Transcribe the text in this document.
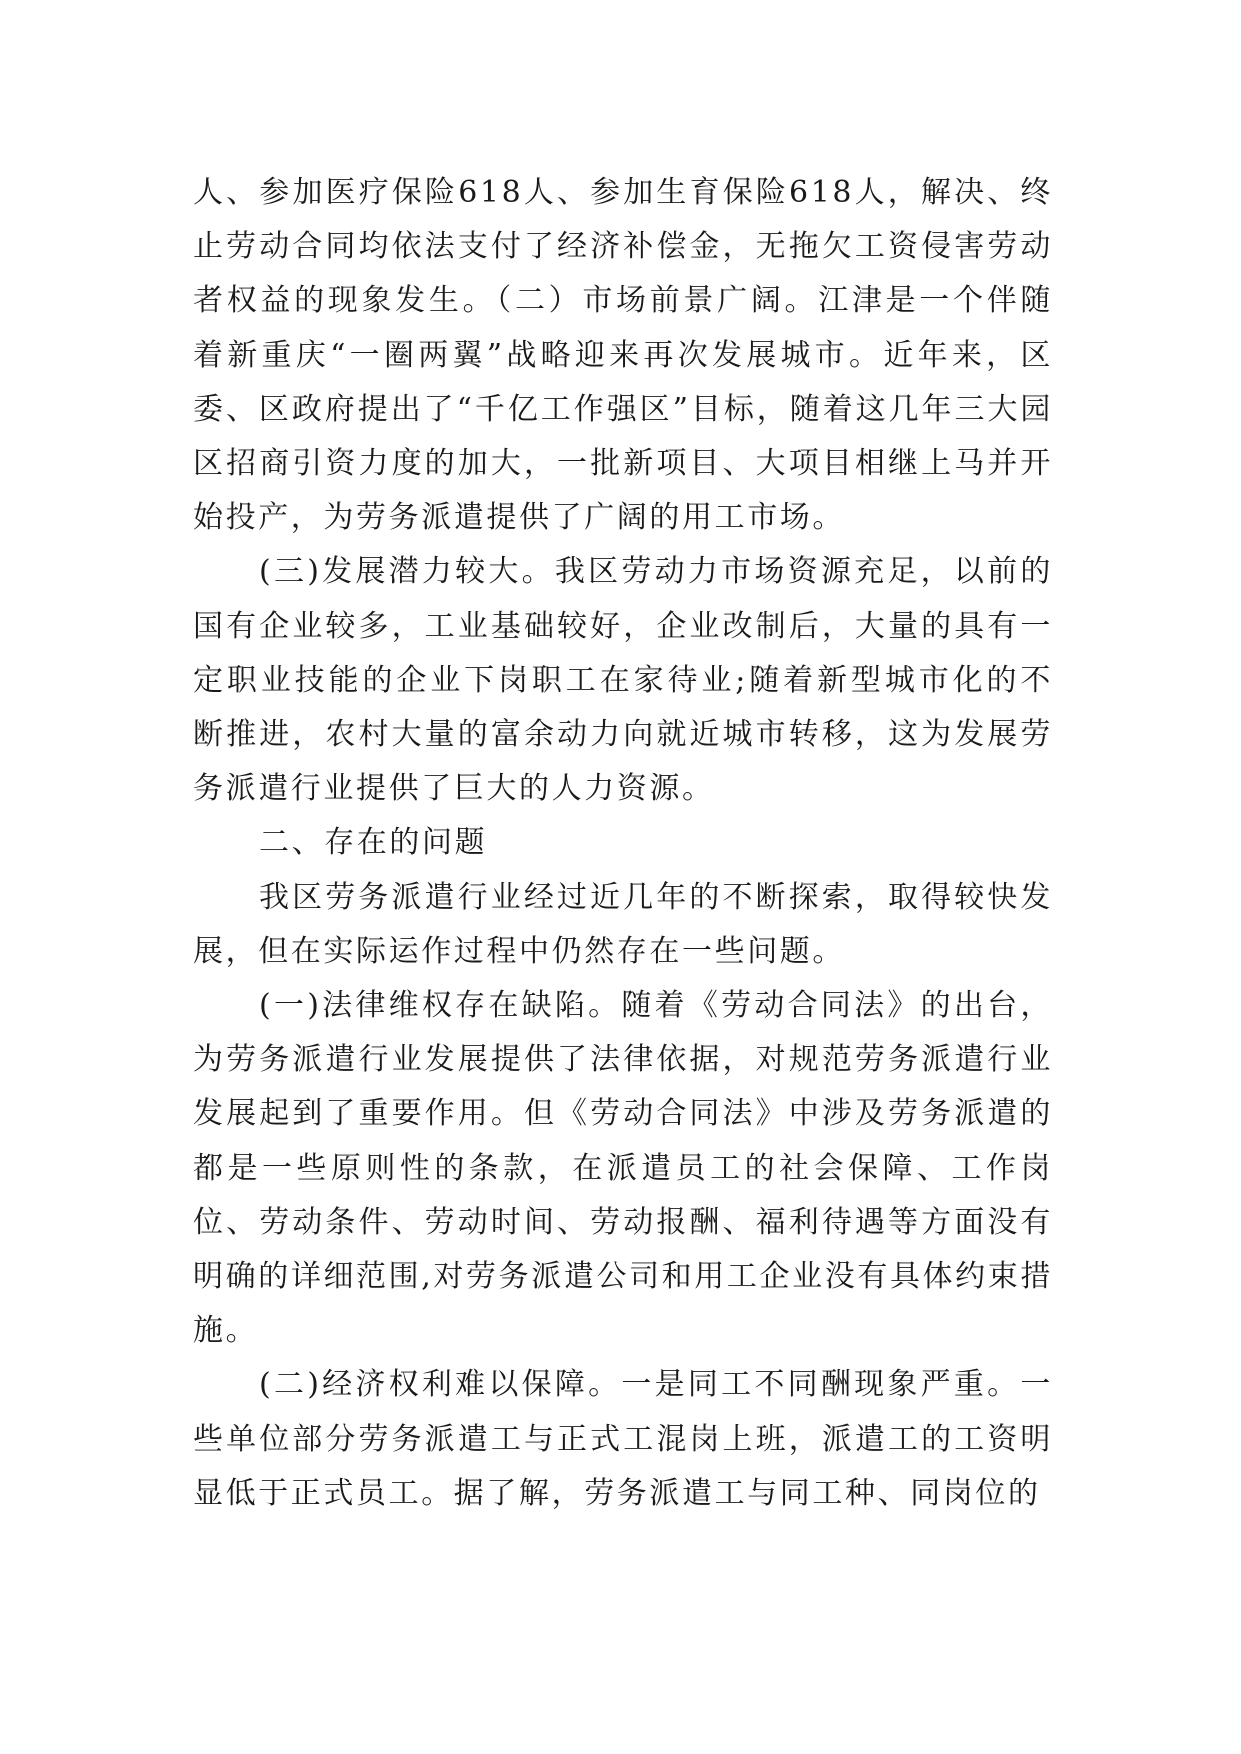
人、参加医疗保险618人、参加生育保险618人，解决、终止劳动合同均依法支付了经济补偿金，无拖欠工资侵害劳动者权益的现象发生。（二）市场前景广阔。江津是一个伴随着新重庆“一圈两翼”战略迎来再次发展城市。近年来，区委、区政府提出了“千亿工作强区”目标，随着这几年三大园区招商引资力度的加大，一批新项目、大项目相继上马并开始投产，为劳务派遣提供了广阔的用工市场。

(三)发展潜力较大。我区劳动力市场资源充足，以前的国有企业较多，工业基础较好，企业改制后，大量的具有一定职业技能的企业下岗职工在家待业;随着新型城市化的不断推进，农村大量的富余动力向就近城市转移，这为发展劳务派遣行业提供了巨大的人力资源。

二、存在的问题

我区劳务派遣行业经过近几年的不断探索，取得较快发展，但在实际运作过程中仍然存在一些问题。

(一)法律维权存在缺陷。随着《劳动合同法》的出台，为劳务派遣行业发展提供了法律依据，对规范劳务派遣行业发展起到了重要作用。但《劳动合同法》中涉及劳务派遣的都是一些原则性的条款，在派遣员工的社会保障、工作岗位、劳动条件、劳动时间、劳动报酬、福利待遇等方面没有明确的详细范围,对劳务派遣公司和用工企业没有具体约束措施。

(二)经济权利难以保障。一是同工不同酬现象严重。一些单位部分劳务派遣工与正式工混岗上班，派遣工的工资明显低于正式员工。据了解，劳务派遣工与同工种、同岗位的
